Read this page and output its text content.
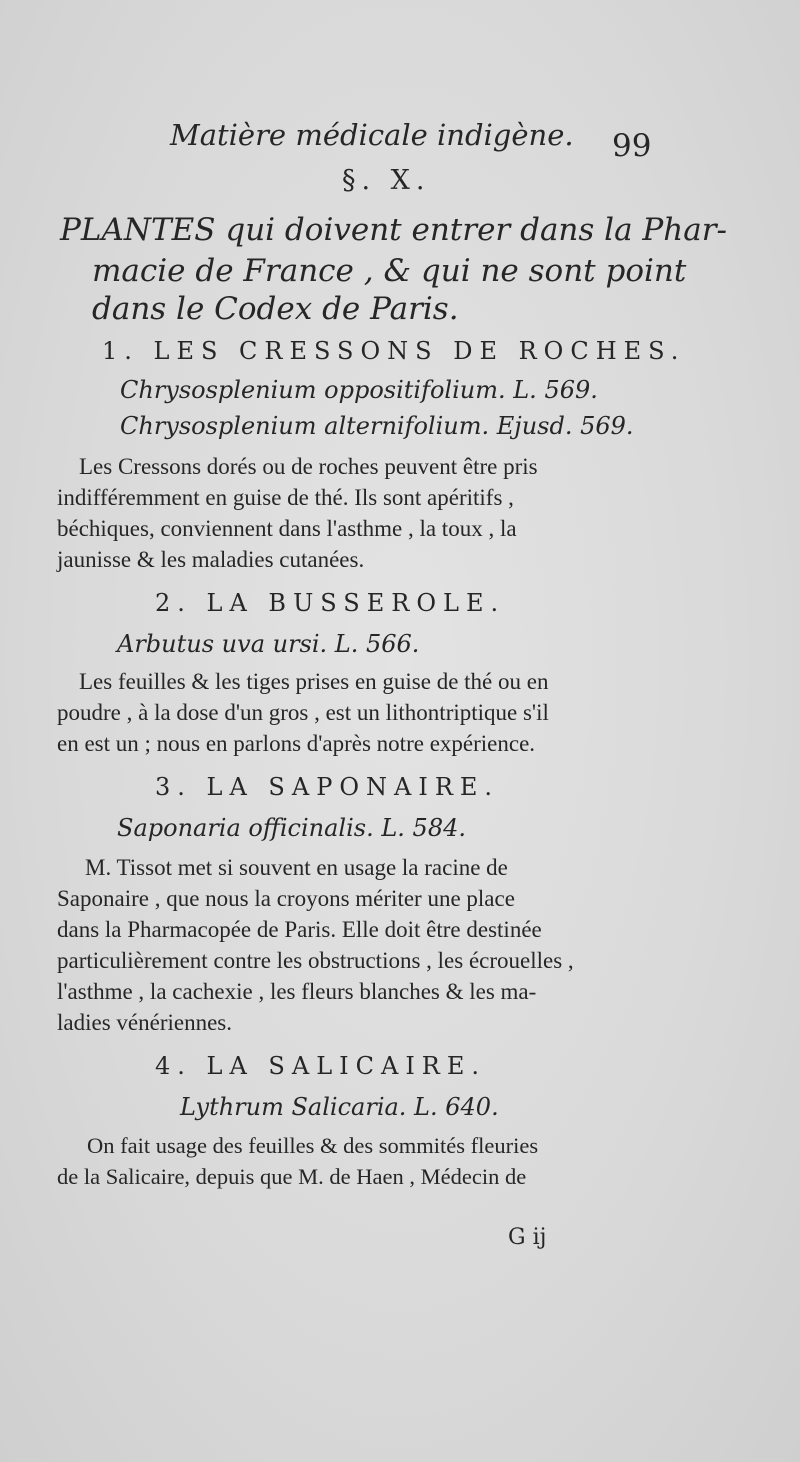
Matière médicale indigène. 99
§. X.
PLANTES qui doivent entrer dans la Phar-
macie de France , & qui ne sont point
dans le Codex de Paris.
1. LES CRESSONS DE ROCHES.
Chrysosplenium oppositifolium. L. 569.
Chrysosplenium alternifolium. Ejusd. 569.
Les Cressons dorés ou de roches peuvent être pris
indifféremment en guise de thé. Ils sont apéritifs ,
béchiques, conviennent dans l'asthme , la toux , la
jaunisse & les maladies cutanées.
2. LA BUSSEROLE.
Arbutus uva ursi. L. 566.
Les feuilles & les tiges prises en guise de thé ou en
poudre , à la dose d'un gros , est un lithontriptique s'il
en est un ; nous en parlons d'après notre expérience.
3. LA SAPONAIRE.
Saponaria officinalis. L. 584.
M. Tissot met si souvent en usage la racine de
Saponaire , que nous la croyons mériter une place
dans la Pharmacopée de Paris. Elle doit être destinée
particulièrement contre les obstructions , les écrouelles ,
l'asthme , la cachexie , les fleurs blanches & les ma-
ladies vénériennes.
4. LA SALICAIRE.
Lythrum Salicaria. L. 640.
On fait usage des feuilles & des sommités fleuries
de la Salicaire, depuis que M. de Haen , Médecin de
G ij
